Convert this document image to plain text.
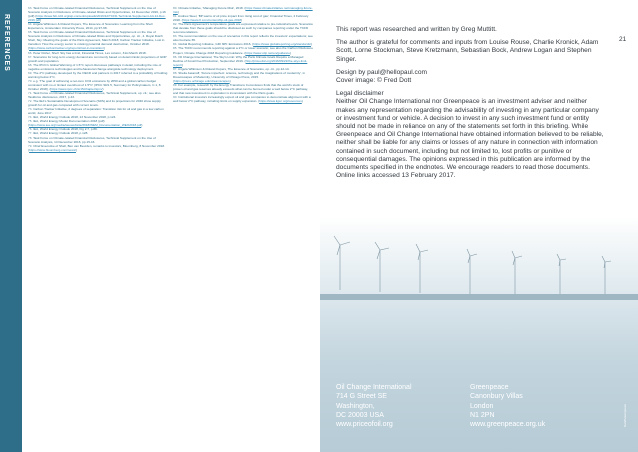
REFERENCES

63. Task Force on Climate-related Financial Disclosures, Technical Supplement on the Use of Scenario Analysis in Disclosure of Climate-related Risks and Opportunities, 14 December 2016, p.16 (pdf) (https://www.fsb-tcfd.org/wp-content/uploads/2016/12/TCFD-Technical-Supplement-A4-14-Dec-2016.pdf)

64. Angela Wilkinson & Roland Kupers, The Essence of Scenarios: Learning from the Shell Experience, Amsterdam University Press, 2014, pp.97-98.

65. Task Force on Climate-related Financial Disclosures, Technical Supplement on the Use of Scenario Analysis in Disclosure of Climate-related Risks and Opportunities, op. cit., 4. Royal Dutch Shell, Sky: Meeting the goals of the Paris Agreement, March 2018; Carbon Tracker Initiative, Lost in transition: How the energy sector is missing potential demand destruction, October 2018. (https://www.carbontracker.org/reports/lost-in-transition/)

66. Peter Fisher, Shell: Sky has a limit, Financial Times, Lex column, 31st March 2018.

67. Scenarios for long-term energy demand are commonly based on deterministic projections of GDP growth and population.

68. The IPCC's Global Warming of 1.5°C report discusses pathways in detail, including the role of negative emissions technologies and behavioural change alongside technology deployment.

69. The 2°C pathway developed by the OECD and partners in 2017 referred to a probability of holding warming below 2°C.

70. e.g. 'The goal of achieving a net-zero CO2 emissions by 2050 and a global carbon budget consistent with no or limited overshoot of 1.5°C' (IPCC SR1.5, Summary for Policymakers, C.1, 8 October 2018). (https://www.ipcc.ch/sr15/chapter/spm/)

71. Task Force on Climate-related Financial Disclosures, Technical Supplement, op. cit.; see also Taskforce disclosures, 2017, p.43.

72. The IEA's Sustainable Development Scenario (SDS) and its projections for 2040 show supply growth for oil and gas compared with current levels.

73. Carbon Tracker Initiative, 2 degrees of separation: Transition risk for oil and gas in a low carbon world, June 2017.

74. IEA, World Energy Outlook 2018, 13 November 2018, p.124.

75. IEA, World Energy Model Documentation 2018 (pdf) (https://www.iea.org/media/weowebsite/2018/WEM_Documentation_WEO2018.pdf)

76. IEA, World Energy Outlook 2018, Fig 2.7, p.89.

77. IEA, World Energy Outlook 2018, p.128.

78. Task Force on Climate-related Financial Disclosures, Technical Supplement on the Use of Scenario Analysis, 14 December 2016, pp.15-16.

79. Chief Executive of Shell, Ben van Beurden, remarks to investors, Bloomberg, 8 November 2018. (https://www.bloomberg.com/news/)

80. Climate Initiative, 'Managing Future Risk', 2018. (https://www.climateinitiative.net/managing-future-risk)

81. Andrew Steel, 'BP warns of oil price impact from rising cost of gas', Financial Times, 2 February 2018. (https://www.ft.com/content/bp-oil-gas-2018)

82. The Paris Agreement's temperature goals are expressed relative to pre-industrial levels. Scenarios that deviate from these goals should be disclosed as such by companies reporting under the TCFD recommendations.

83. The recommendation on the use of scenarios in this report reflects the investors' expectations; see also footnote 65.

84. Global Reporting Initiative, GRI 305: Emissions 2016. (https://www.globalreporting.org/standards/)

85. The TCFD recommends reporting against a 2°C or lower scenario; see also the Carbon Disclosure Project, Climate Change 2018 Reporting Guidance. (https://www.cdp.net/en/guidance)

86. Oil Change International, The Sky's Limit: Why the Paris Climate Goals Require a Managed Decline of Fossil Fuel Production, September 2016. (http://priceofoil.org/2016/09/22/the-skys-limit-report/)

87. Angela Wilkinson & Roland Kupers, The Essence of Scenarios, op. cit., pp.12-14.

88. Sheila Jasanoff, 'Future imperfect: science, technology and the imaginations of modernity', in Dreamscapes of Modernity, University of Chicago Press, 2015. (https://press.uchicago.edu/dreamscapes)

89. For example, research by the Energy Transitions Commission finds that the world's stock of proven oil and gas reserves already exceeds what can be burned under a well below 2°C pathway, and that new investment in exploration is inconsistent with the Paris goals.

90. Institutional investors increasingly expect oil and gas companies to demonstrate alignment with a well below 2°C pathway, including limits on supply expansion. (https://www.iigcc.org/resources)

This report was researched and written by Greg Muttitt.

The author is grateful for comments and inputs from Louise Rouse, Charlie Kronick, Adam Scott, Lorne Stockman, Steve Kretzmann, Sebastian Bock, Andrew Logan and Stephen Singer.

Design by paul@hellopaul.com

Cover image: © Fred Dott

Legal disclaimer

Neither Oil Change International nor Greenpeace is an investment adviser and neither makes any representation regarding the advisability of investing in any particular company or investment fund or vehicle. A decision to invest in any such investment fund or entity should not be made in reliance on any of the statements set forth in this briefing. While Greenpeace and Oil Change International have obtained information believed to be reliable, neither shall be liable for any claims or losses of any nature in connection with information contained in such document, including but not limited to, lost profits or punitive or consequential damages. The opinions expressed in this publication are informed by the documents specified in the endnotes. We encourage readers to read those documents. Online links accessed 13 February 2017.

21
Oil Change International
714 G Street SE
Washington,
DC 20003 USA
www.priceofoil.org
Greenpeace
Canonbury Villas
London
N1 2PN
www.greenpeace.org.uk	Dott/Greenpeace
